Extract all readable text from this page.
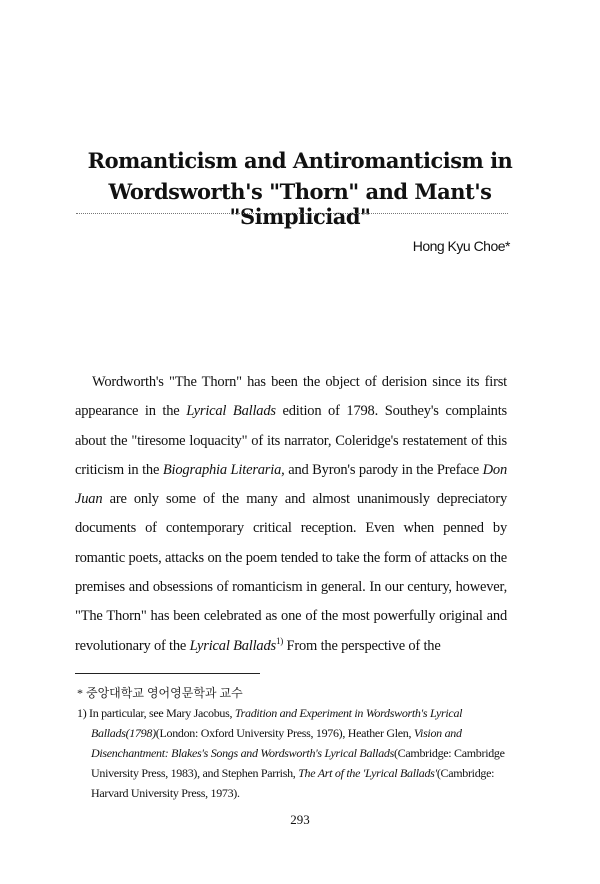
Romanticism and Antiromanticism in
Wordsworth's "Thorn" and Mant's "Simpliciad"
Hong Kyu Choe*

Wordworth's "The Thorn" has been the object of derision since its first appearance in the Lyrical Ballads edition of 1798. Southey's complaints about the "tiresome loquacity" of its narrator, Coleridge's restatement of this criticism in the Biographia Literaria, and Byron's parody in the Preface Don Juan are only some of the many and almost unanimously depreciatory documents of contemporary critical reception. Even when penned by romantic poets, attacks on the poem tended to take the form of attacks on the premises and obsessions of romanticism in general. In our century, however, "The Thorn" has been celebrated as one of the most powerfully original and revolutionary of the Lyrical Ballads$^{1)}$ From the perspective of the

* 중앙대학교 영어영문학과 교수
1) In particular, see Mary Jacobus, Tradition and Experiment in Wordsworth's Lyrical Ballads(1798)(London: Oxford University Press, 1976), Heather Glen, Vision and Disenchantment: Blakes's Songs and Wordsworth's Lyrical Ballads(Cambridge: Cambridge University Press, 1983), and Stephen Parrish, The Art of the 'Lyrical Ballads'(Cambridge: Harvard University Press, 1973).
293
